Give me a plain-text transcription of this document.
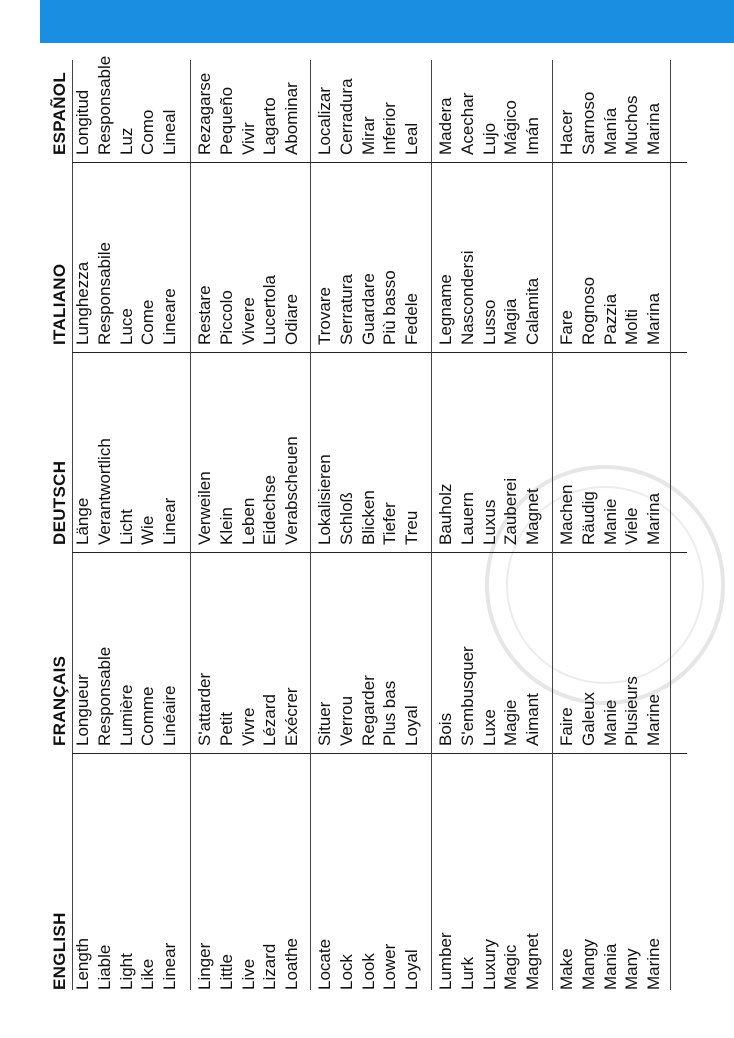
ENGLISH
FRANÇAIS
DEUTSCH
ITALIANO
ESPAÑOL
Length
Longueur
Länge
Lunghezza
Longitud
Liable
Responsable
Verantwortlich
Responsabile
Responsable
Light
Lumière
Licht
Luce
Luz
Like
Comme
Wie
Come
Como
Linear
Linéaire
Linear
Lineare
Lineal
Linger
S'attarder
Verweilen
Restare
Rezagarse
Little
Petit
Klein
Piccolo
Pequeño
Live
Vivre
Leben
Vivere
Vivir
Lizard
Lézard
Eidechse
Lucertola
Lagarto
Loathe
Exécrer
Verabscheuen
Odiare
Abominar
Locate
Situer
Lokalisieren
Trovare
Localizar
Lock
Verrou
Schloß
Serratura
Cerradura
Look
Regarder
Blicken
Guardare
Mirar
Lower
Plus bas
Tiefer
Più basso
Inferior
Loyal
Loyal
Treu
Fedele
Leal
Lumber
Bois
Bauholz
Legname
Madera
Lurk
S'embusquer
Lauern
Nascondersi
Acechar
Luxury
Luxe
Luxus
Lusso
Lujo
Magic
Magie
Zauberei
Magia
Mágico
Magnet
Aimant
Magnet
Calamita
Imán
Make
Faire
Machen
Fare
Hacer
Mangy
Galeux
Räudig
Rognoso
Sarnoso
Mania
Manie
Manie
Pazzia
Manía
Many
Plusieurs
Viele
Molti
Muchos
Marine
Marine
Marina
Marina
Marina
